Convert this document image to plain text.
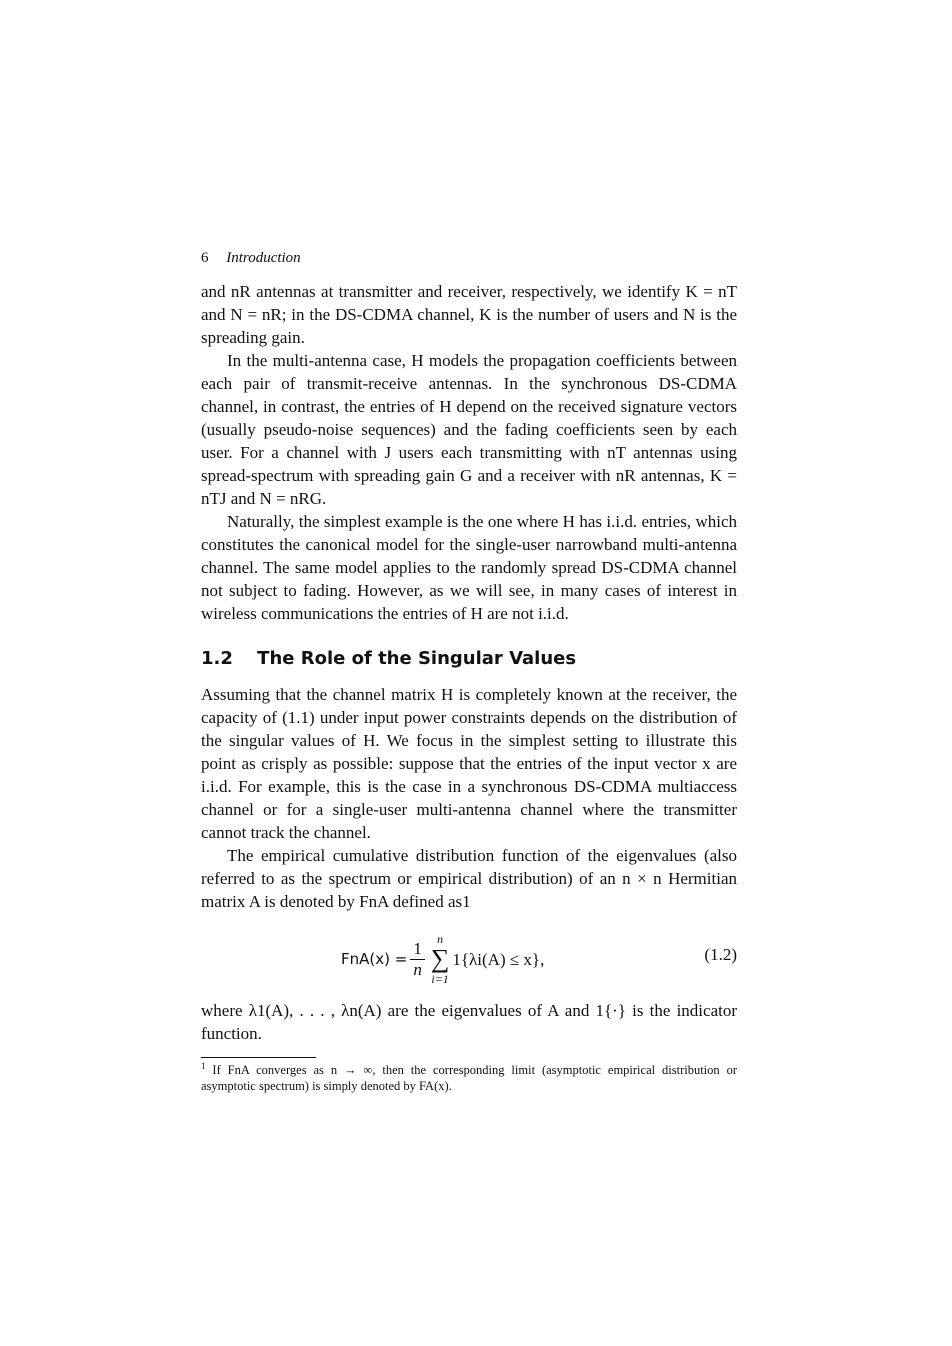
6 Introduction

and nR antennas at transmitter and receiver, respectively, we identify K = nT and N = nR; in the DS-CDMA channel, K is the number of users and N is the spreading gain.

In the multi-antenna case, H models the propagation coefficients between each pair of transmit-receive antennas. In the synchronous DS-CDMA channel, in contrast, the entries of H depend on the received signature vectors (usually pseudo-noise sequences) and the fading coefficients seen by each user. For a channel with J users each transmitting with nT antennas using spread-spectrum with spreading gain G and a receiver with nR antennas, K = nTJ and N = nRG.

Naturally, the simplest example is the one where H has i.i.d. entries, which constitutes the canonical model for the single-user narrowband multi-antenna channel. The same model applies to the randomly spread DS-CDMA channel not subject to fading. However, as we will see, in many cases of interest in wireless communications the entries of H are not i.i.d.

1.2 The Role of the Singular Values

Assuming that the channel matrix H is completely known at the receiver, the capacity of (1.1) under input power constraints depends on the distribution of the singular values of H. We focus in the simplest setting to illustrate this point as crisply as possible: suppose that the entries of the input vector x are i.i.d. For example, this is the case in a synchronous DS-CDMA multiaccess channel or for a single-user multi-antenna channel where the transmitter cannot track the channel.

The empirical cumulative distribution function of the eigenvalues (also referred to as the spectrum or empirical distribution) of an n × n Hermitian matrix A is denoted by FnA defined as1

$FnA(x) = \frac{1}{n}$ n
∑
i=1
1{λi(A) ≤ x},	(1.2)

where λ1(A), . . . , λn(A) are the eigenvalues of A and 1{·} is the indicator function.

$^1$ If FnA converges as n → ∞, then the corresponding limit (asymptotic empirical distribution or asymptotic spectrum) is simply denoted by FA(x).
